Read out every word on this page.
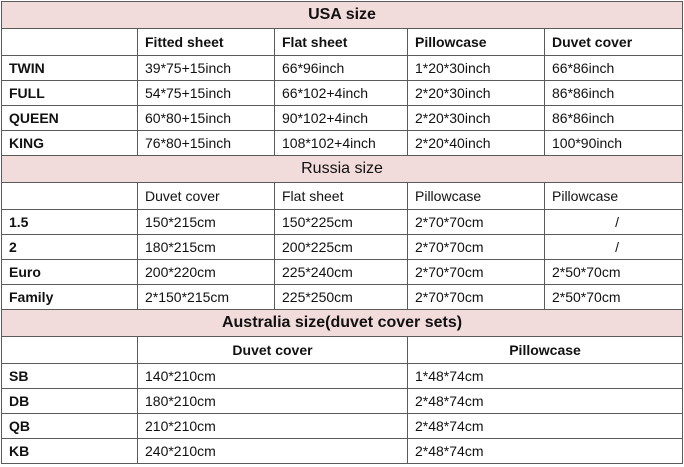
USA size				
	Fitted sheet	Flat sheet	Pillowcase	Duvet cover
TWIN	39*75+15inch	66*96inch	1*20*30inch	66*86inch
FULL	54*75+15inch	66*102+4inch	2*20*30inch	86*86inch
QUEEN	60*80+15inch	90*102+4inch	2*20*30inch	86*86inch
KING	76*80+15inch	108*102+4inch	2*20*40inch	100*90inch
Russia size				
	Duvet cover	Flat sheet	Pillowcase	Pillowcase
1.5	150*215cm	150*225cm	2*70*70cm	/
2	180*215cm	200*225cm	2*70*70cm	/
Euro	200*220cm	225*240cm	2*70*70cm	2*50*70cm
Family	2*150*215cm	225*250cm	2*70*70cm	2*50*70cm
Australia size(duvet cover sets)				
	Duvet cover		Pillowcase	
SB	140*210cm		1*48*74cm	
DB	180*210cm		2*48*74cm	
QB	210*210cm		2*48*74cm	
KB	240*210cm		2*48*74cm	
